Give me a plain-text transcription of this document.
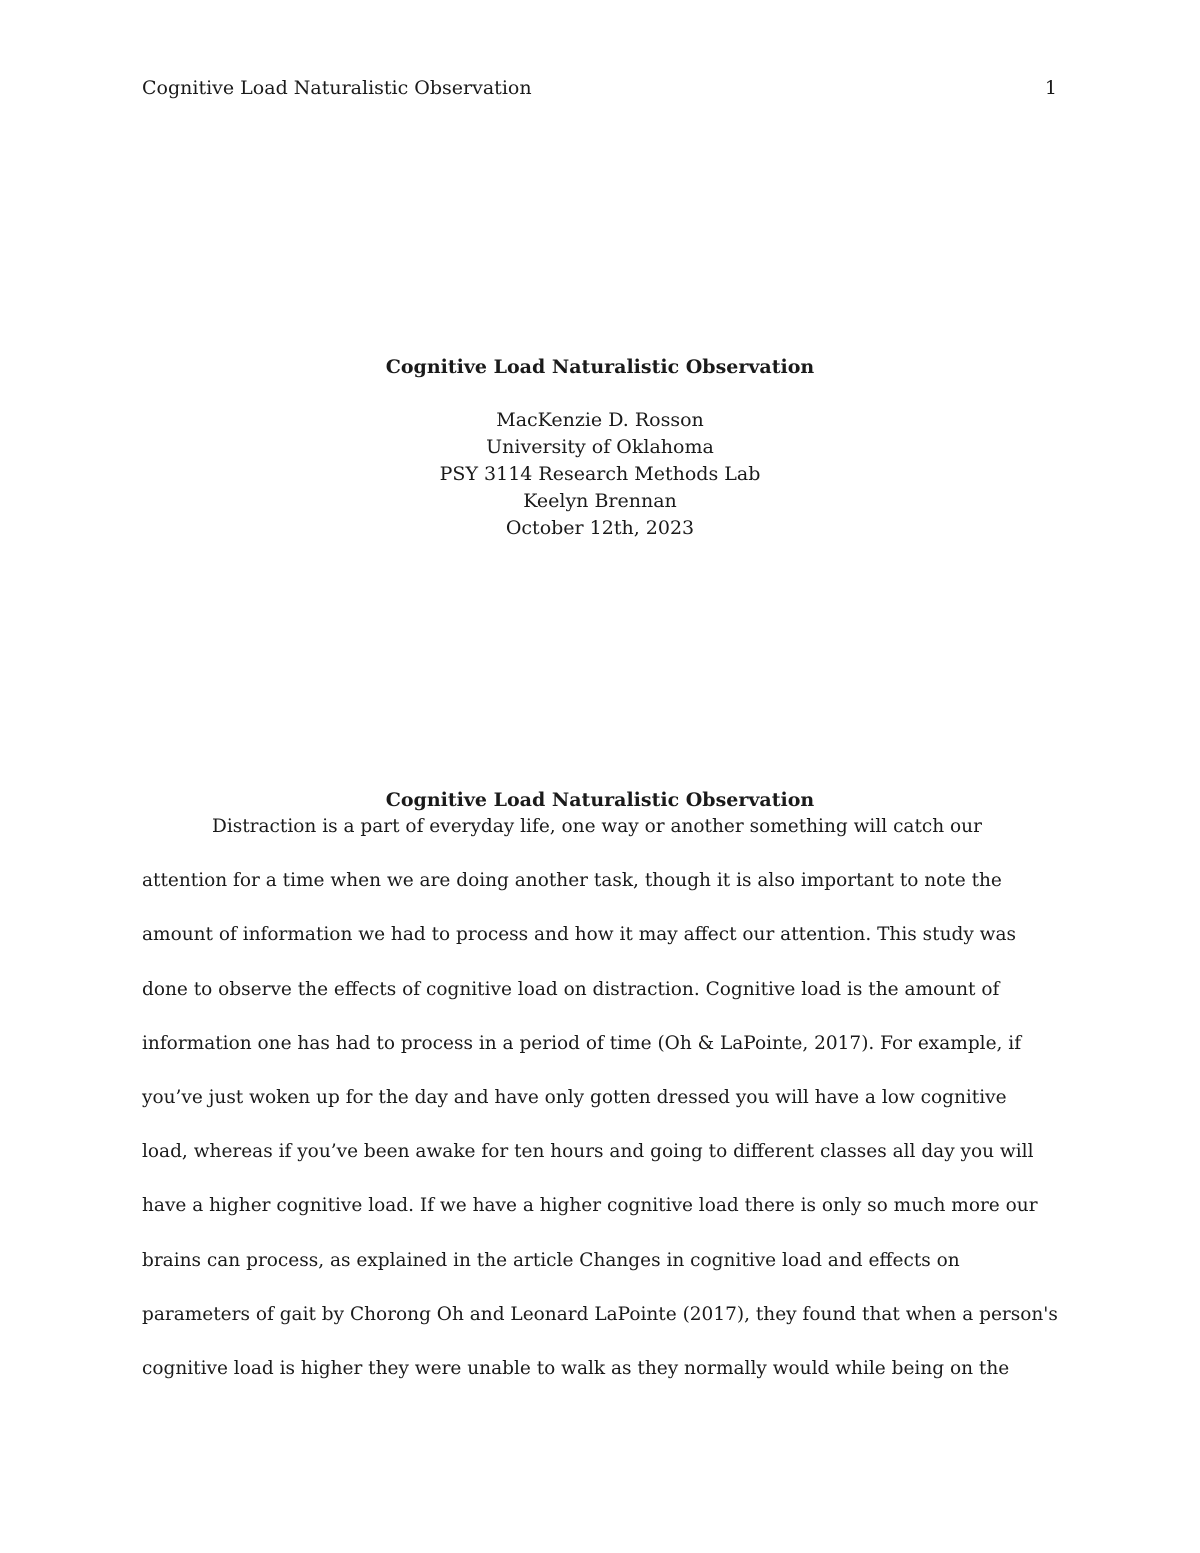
Cognitive Load Naturalistic Observation	1

Cognitive Load Naturalistic Observation

MacKenzie D. Rosson

University of Oklahoma

PSY 3114 Research Methods Lab

Keelyn Brennan

October 12th, 2023

Cognitive Load Naturalistic Observation
Distraction is a part of everyday life, one way or another something will catch our
attention for a time when we are doing another task, though it is also important to note the
amount of information we had to process and how it may affect our attention. This study was
done to observe the effects of cognitive load on distraction. Cognitive load is the amount of
information one has had to process in a period of time (Oh & LaPointe, 2017). For example, if
you’ve just woken up for the day and have only gotten dressed you will have a low cognitive
load, whereas if you’ve been awake for ten hours and going to different classes all day you will
have a higher cognitive load. If we have a higher cognitive load there is only so much more our
brains can process, as explained in the article Changes in cognitive load and effects on
parameters of gait by Chorong Oh and Leonard LaPointe (2017), they found that when a person's
cognitive load is higher they were unable to walk as they normally would while being on the
